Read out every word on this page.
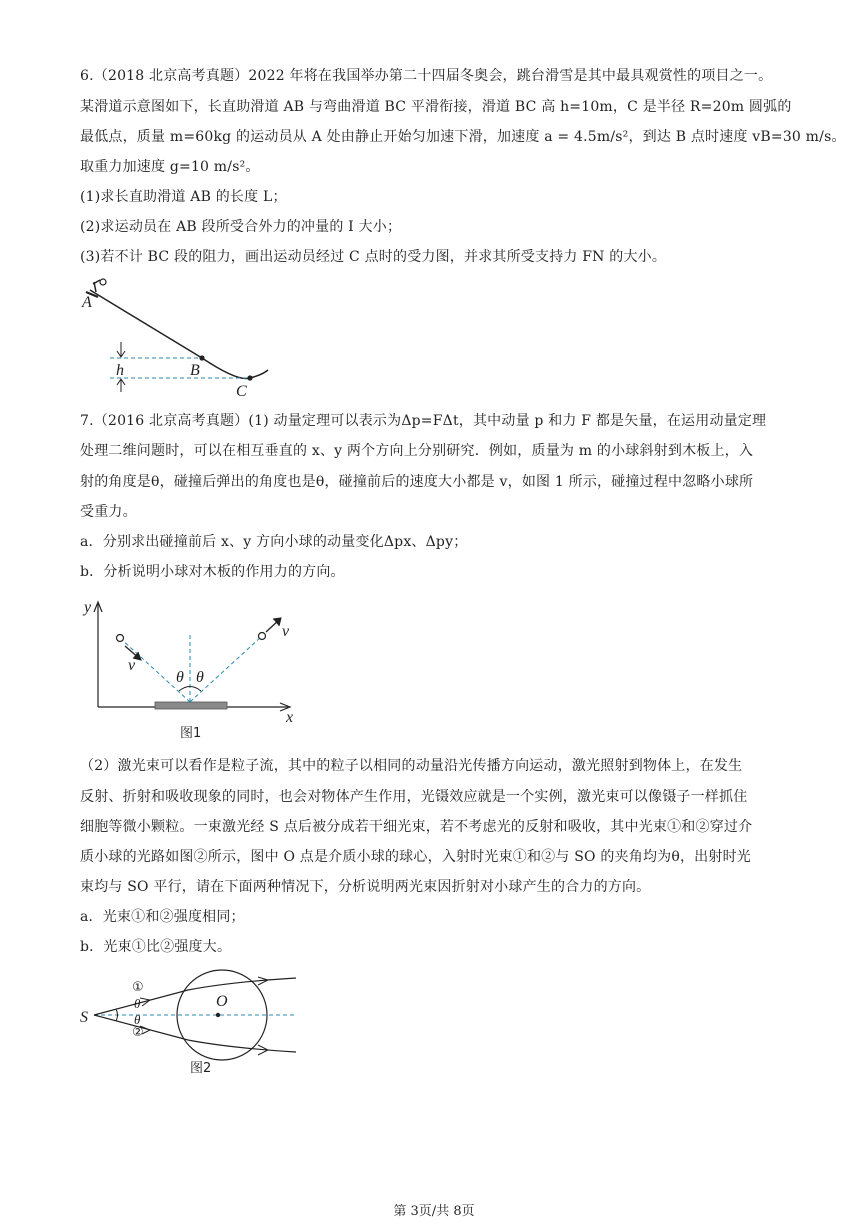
6.（2018 北京高考真题）2022 年将在我国举办第二十四届冬奥会，跳台滑雪是其中最具观赏性的项目之一。
某滑道示意图如下，长直助滑道 AB 与弯曲滑道 BC 平滑衔接，滑道 BC 高 h=10m，C 是半径 R=20m 圆弧的
最低点，质量 m=60kg 的运动员从 A 处由静止开始匀加速下滑，加速度 a = 4.5m/s²，到达 B 点时速度 vB=30 m/s。
取重力加速度 g=10 m/s²。
(1)求长直助滑道 AB 的长度 L；
(2)求运动员在 AB 段所受合外力的冲量的 I 大小；
(3)若不计 BC 段的阻力，画出运动员经过 C 点时的受力图，并求其所受支持力 FN 的大小。
A
B
C
h
7.（2016 北京高考真题）(1) 动量定理可以表示为Δp=FΔt，其中动量 p 和力 F 都是矢量，在运用动量定理
处理二维问题时，可以在相互垂直的 x、y 两个方向上分别研究．例如，质量为 m 的小球斜射到木板上，入
射的角度是θ，碰撞后弹出的角度也是θ，碰撞前后的速度大小都是 v，如图 1 所示，碰撞过程中忽略小球所
受重力。
a．分别求出碰撞前后 x、y 方向小球的动量变化Δpx、Δpy；
b．分析说明小球对木板的作用力的方向。
y
x
v
v
θ θ
图1
（2）激光束可以看作是粒子流，其中的粒子以相同的动量沿光传播方向运动，激光照射到物体上，在发生
反射、折射和吸收现象的同时，也会对物体产生作用，光镊效应就是一个实例，激光束可以像镊子一样抓住
细胞等微小颗粒。一束激光经 S 点后被分成若干细光束，若不考虑光的反射和吸收，其中光束①和②穿过介
质小球的光路如图②所示，图中 O 点是介质小球的球心，入射时光束①和②与 SO 的夹角均为θ，出射时光
束均与 SO 平行，请在下面两种情况下，分析说明两光束因折射对小球产生的合力的方向。
a．光束①和②强度相同；
b．光束①比②强度大。
S
O
①
②
θ
θ
图2
第 3页/共 8页
